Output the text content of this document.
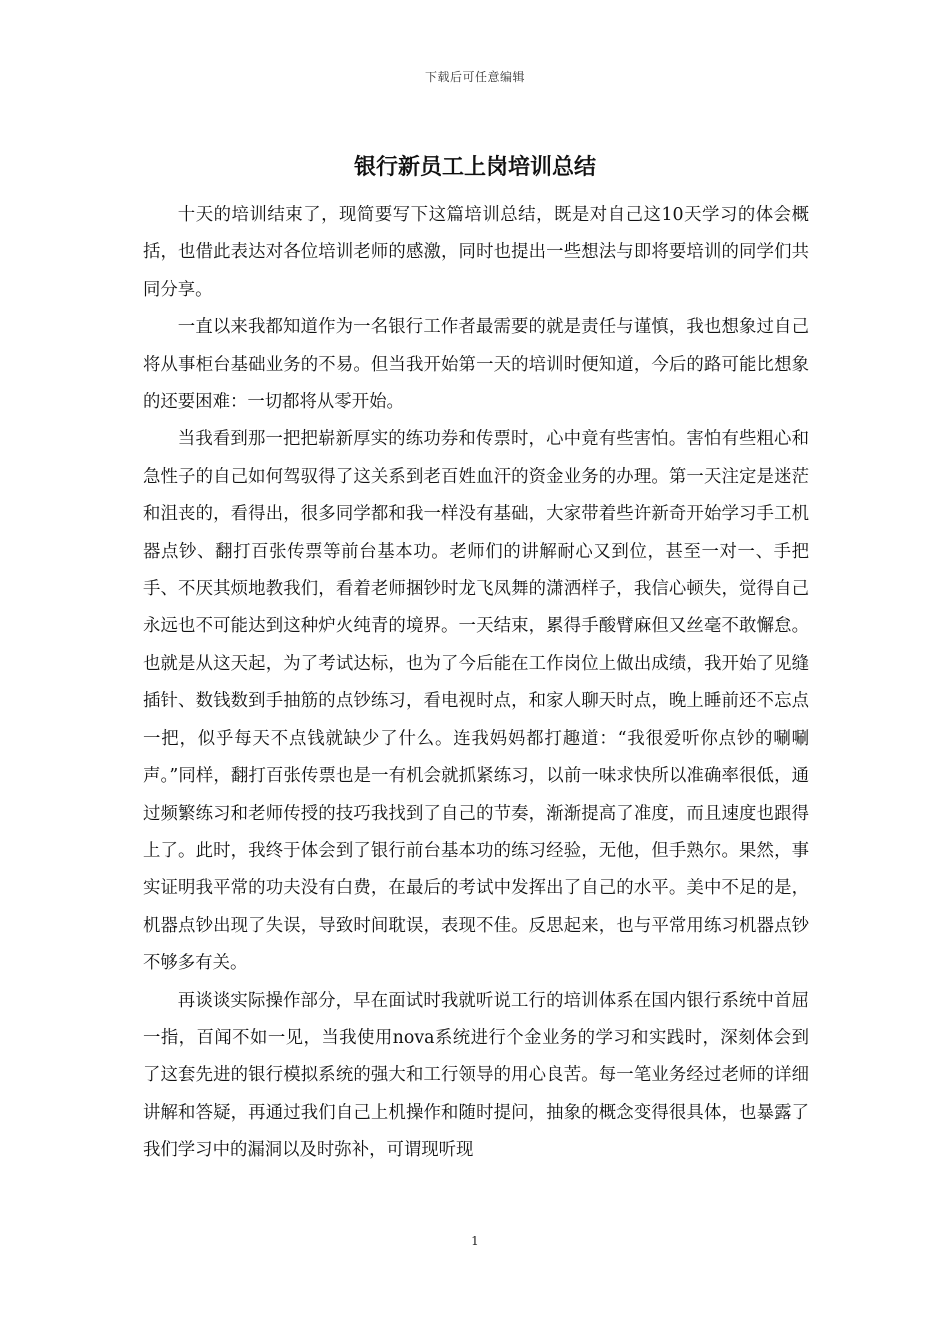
下载后可任意编辑
银行新员工上岗培训总结

十天的培训结束了，现简要写下这篇培训总结，既是对自己这10天学习的体会概括，也借此表达对各位培训老师的感激，同时也提出一些想法与即将要培训的同学们共同分享。

一直以来我都知道作为一名银行工作者最需要的就是责任与谨慎，我也想象过自己将从事柜台基础业务的不易。但当我开始第一天的培训时便知道，今后的路可能比想象的还要困难：一切都将从零开始。

当我看到那一把把崭新厚实的练功券和传票时，心中竟有些害怕。害怕有些粗心和急性子的自己如何驾驭得了这关系到老百姓血汗的资金业务的办理。第一天注定是迷茫和沮丧的，看得出，很多同学都和我一样没有基础，大家带着些许新奇开始学习手工机器点钞、翻打百张传票等前台基本功。老师们的讲解耐心又到位，甚至一对一、手把手、不厌其烦地教我们，看着老师捆钞时龙飞凤舞的潇洒样子，我信心顿失，觉得自己永远也不可能达到这种炉火纯青的境界。一天结束，累得手酸臂麻但又丝毫不敢懈怠。也就是从这天起，为了考试达标，也为了今后能在工作岗位上做出成绩，我开始了见缝插针、数钱数到手抽筋的点钞练习，看电视时点，和家人聊天时点，晚上睡前还不忘点一把，似乎每天不点钱就缺少了什么。连我妈妈都打趣道：“我很爱听你点钞的唰唰声。”同样，翻打百张传票也是一有机会就抓紧练习，以前一味求快所以准确率很低，通过频繁练习和老师传授的技巧我找到了自己的节奏，渐渐提高了准度，而且速度也跟得上了。此时，我终于体会到了银行前台基本功的练习经验，无他，但手熟尔。果然，事实证明我平常的功夫没有白费，在最后的考试中发挥出了自己的水平。美中不足的是，机器点钞出现了失误，导致时间耽误，表现不佳。反思起来，也与平常用练习机器点钞不够多有关。

再谈谈实际操作部分，早在面试时我就听说工行的培训体系在国内银行系统中首屈一指，百闻不如一见，当我使用nova系统进行个金业务的学习和实践时，深刻体会到了这套先进的银行模拟系统的强大和工行领导的用心良苦。每一笔业务经过老师的详细讲解和答疑，再通过我们自己上机操作和随时提问，抽象的概念变得很具体，也暴露了我们学习中的漏洞以及时弥补，可谓现听现

1
